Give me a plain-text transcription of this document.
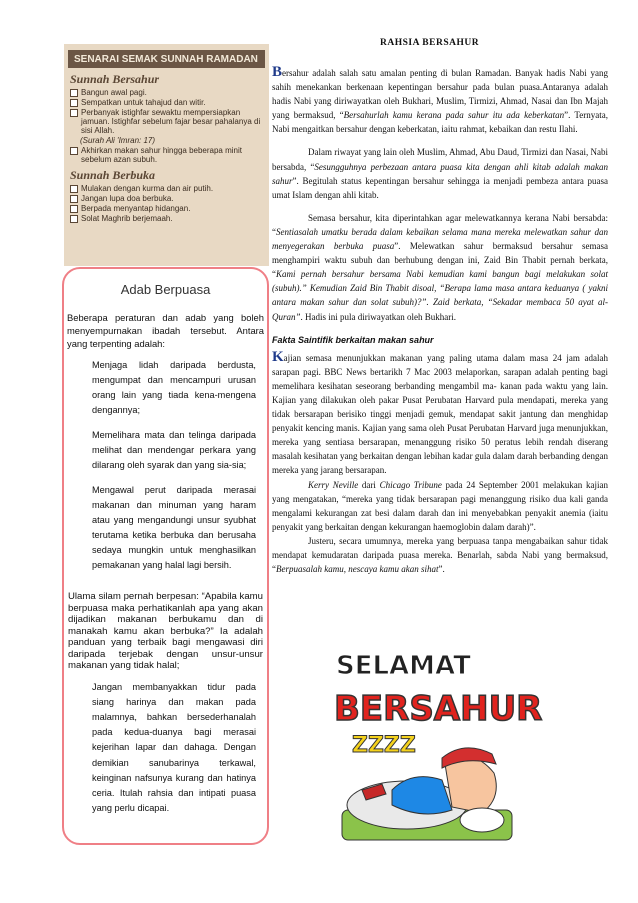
SENARAI SEMAK SUNNAH RAMADAN
Sunnah Bersahur
Bangun awal pagi.
Sempatkan untuk tahajud dan witir.
Perbanyak istighfar sewaktu mempersiapkan jamuan. Istighfar sebelum fajar besar pahalanya di sisi Allah.
(Surah Ali 'Imran: 17)
Akhirkan makan sahur hingga beberapa minit sebelum azan subuh.
Sunnah Berbuka
Mulakan dengan kurma dan air putih.
Jangan lupa doa berbuka.
Berpada menyantap hidangan.
Solat Maghrib berjemaah.
Adab Berpuasa
Beberapa peraturan dan adab yang boleh menyempurnakan ibadah tersebut. Antara yang terpenting adalah:
Menjaga lidah daripada berdusta, mengumpat dan mencampuri urusan orang lain yang tiada kena-mengena dengannya;
Memelihara mata dan telinga daripada melihat dan mendengar perkara yang dilarang oleh syarak dan yang sia-sia;
Mengawal perut daripada merasai makanan dan minuman yang haram atau yang mengandungi unsur syubhat terutama ketika berbuka dan berusaha sedaya mungkin untuk menghasilkan pemakanan yang halal lagi bersih.
Ulama silam pernah berpesan: “Apabila kamu berpuasa maka perhatikanlah apa yang akan dijadikan makanan berbukamu dan di manakah kamu akan berbuka?” Ia adalah panduan yang terbaik bagi mengawasi diri daripada terjebak dengan unsur-unsur makanan yang tidak halal;
Jangan membanyakkan tidur pada siang harinya dan makan pada malamnya, bahkan bersederhanalah pada kedua-duanya bagi merasai kejerihan lapar dan dahaga. Dengan demikian sanubarinya terkawal, keinginan nafsunya kurang dan hatinya ceria. Itulah rahsia dan intipati puasa yang perlu dicapai.
RAHSIA BERSAHUR

Bersahur adalah salah satu amalan penting di bulan Ramadan. Banyak hadis Nabi yang sahih menekankan berkenaan kepentingan bersahur pada bulan puasa.Antaranya adalah hadis Nabi yang diriwayatkan oleh Bukhari, Muslim, Tirmizi, Ahmad, Nasai dan Ibn Majah yang bermaksud, “Bersahurlah kamu kerana pada sahur itu ada keberkatan”. Ternyata, Nabi mengaitkan bersahur dengan keberkatan, iaitu rahmat, kebaikan dan restu Ilahi.

Dalam riwayat yang lain oleh Muslim, Ahmad, Abu Daud, Tirmizi dan Nasai, Nabi bersabda, “Sesungguhnya perbezaan antara puasa kita dengan ahli kitab adalah makan sahur”. Begitulah status kepentingan bersahur sehingga ia menjadi pembeza antara puasa umat Islam dengan ahli kitab.

Semasa bersahur, kita diperintahkan agar melewatkannya kerana Nabi bersabda: “Sentiasalah umatku berada dalam kebaikan selama mana mereka melewatkan sahur dan menyegerakan berbuka puasa”. Melewatkan sahur bermaksud bersahur semasa menghampiri waktu subuh dan berhubung dengan ini, Zaid Bin Thabit pernah berkata, “Kami pernah bersahur bersama Nabi kemudian kami bangun bagi melakukan solat (subuh).” Kemudian Zaid Bin Thabit disoal, “Berapa lama masa antara keduanya ( yakni antara makan sahur dan solat subuh)?”. Zaid berkata, “Sekadar membaca 50 ayat al-Quran”. Hadis ini pula diriwayatkan oleh Bukhari.

Fakta Saintifik berkaitan makan sahur

Kajian semasa menunjukkan makanan yang paling utama dalam masa 24 jam adalah sarapan pagi. BBC News bertarikh 7 Mac 2003 melaporkan, sarapan adalah penting bagi memelihara kesihatan seseorang berbanding mengambil ma- kanan pada waktu yang lain. Kajian yang dilakukan oleh pakar Pusat Perubatan Harvard pula mendapati, mereka yang tidak bersarapan berisiko tinggi menjadi gemuk, mendapat sakit jantung dan menghidap penyakit kencing manis. Kajian yang sama oleh Pusat Perubatan Harvard juga menunjukkan, mereka yang sentiasa bersarapan, menanggung risiko 50 peratus lebih rendah diserang masalah kesihatan yang berkaitan dengan lebihan kadar gula dalam darah berbanding dengan mereka yang jarang bersarapan.

Kerry Neville dari Chicago Tribune pada 24 September 2001 melakukan kajian yang mengatakan, “mereka yang tidak bersarapan pagi menanggung risiko dua kali ganda mengalami kekurangan zat besi dalam darah dan ini menyebabkan penyakit anemia (iaitu penyakit yang berkaitan dengan kekurangan haemoglobin dalam darah)”.

Justeru, secara umumnya, mereka yang berpuasa tanpa mengabaikan sahur tidak mendapat kemudaratan daripada puasa mereka. Benarlah, sabda Nabi yang bermaksud, “Berpuasalah kamu, nescaya kamu akan sihat”.

SELAMAT
BERSAHUR
ZZZZ
